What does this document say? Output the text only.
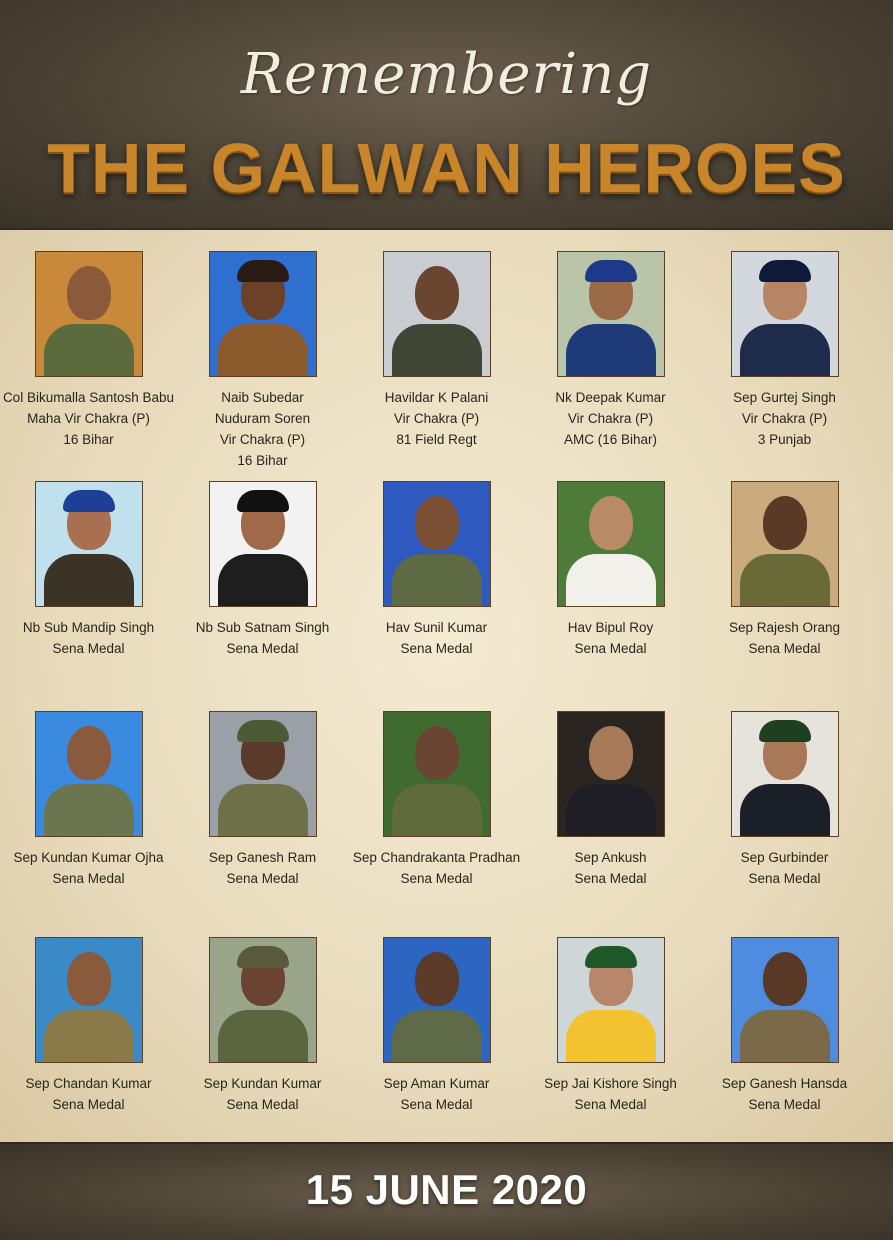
Remembering
THE GALWAN HEROES
Col Bikumalla Santosh Babu
Maha Vir Chakra (P)
16 Bihar
Naib Subedar
Nuduram Soren
Vir Chakra (P)
16 Bihar
Havildar K Palani
Vir Chakra (P)
81 Field Regt
Nk Deepak Kumar
Vir Chakra (P)
AMC (16 Bihar)
Sep Gurtej Singh
Vir Chakra (P)
3 Punjab
Nb Sub Mandip Singh
Sena Medal
Nb Sub Satnam Singh
Sena Medal
Hav Sunil Kumar
Sena Medal
Hav Bipul Roy
Sena Medal
Sep Rajesh Orang
Sena Medal
Sep Kundan Kumar Ojha
Sena Medal
Sep Ganesh Ram
Sena Medal
Sep Chandrakanta Pradhan
Sena Medal
Sep Ankush
Sena Medal
Sep Gurbinder
Sena Medal
Sep Chandan Kumar
Sena Medal
Sep Kundan Kumar
Sena Medal
Sep Aman Kumar
Sena Medal
Sep Jai Kishore Singh
Sena Medal
Sep Ganesh Hansda
Sena Medal
15 JUNE 2020
